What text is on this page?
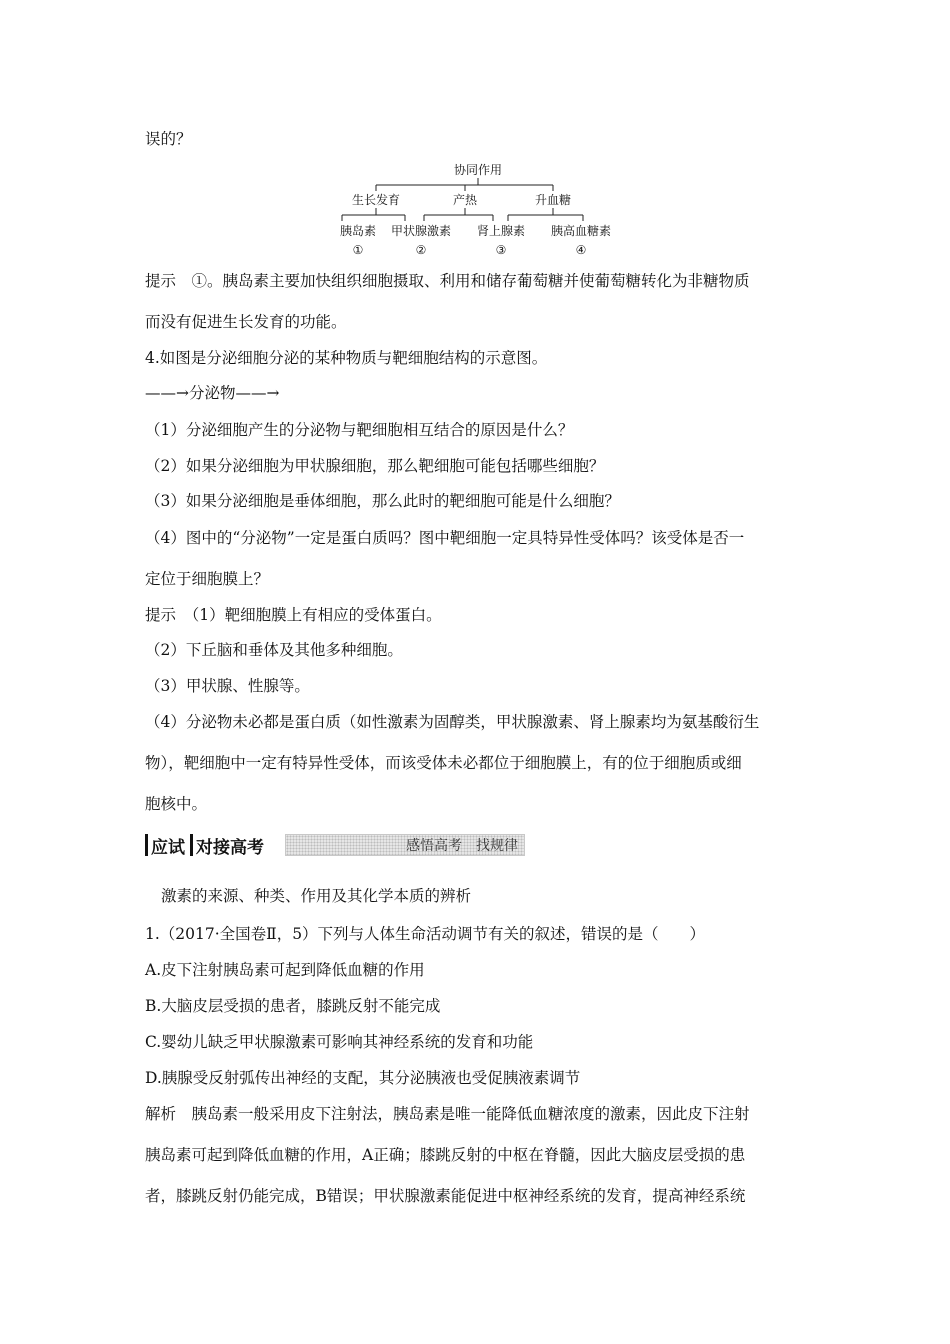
误的？
协同作用
生长发育	产热	升血糖
胰岛素 甲状腺激素 肾上腺素 胰高血糖素
①	②	③	④
提示　①。胰岛素主要加快组织细胞摄取、利用和储存葡萄糖并使葡萄糖转化为非糖物质
而没有促进生长发育的功能。
4.如图是分泌细胞分泌的某种物质与靶细胞结构的示意图。
——→分泌物——→
（1）分泌细胞产生的分泌物与靶细胞相互结合的原因是什么？
（2）如果分泌细胞为甲状腺细胞，那么靶细胞可能包括哪些细胞？
（3）如果分泌细胞是垂体细胞，那么此时的靶细胞可能是什么细胞？
（4）图中的“分泌物”一定是蛋白质吗？图中靶细胞一定具特异性受体吗？该受体是否一
定位于细胞膜上？
提示　（1）靶细胞膜上有相应的受体蛋白。
（2）下丘脑和垂体及其他多种细胞。
（3）甲状腺、性腺等。
（4）分泌物未必都是蛋白质（如性激素为固醇类，甲状腺激素、肾上腺素均为氨基酸衍生
物），靶细胞中一定有特异性受体，而该受体未必都位于细胞膜上，有的位于细胞质或细
胞核中。
应试 对接高考	感悟高考　找规律
激素的来源、种类、作用及其化学本质的辨析
1.（2017·全国卷Ⅱ，5）下列与人体生命活动调节有关的叙述，错误的是（　　）
A.皮下注射胰岛素可起到降低血糖的作用
B.大脑皮层受损的患者，膝跳反射不能完成
C.婴幼儿缺乏甲状腺激素可影响其神经系统的发育和功能
D.胰腺受反射弧传出神经的支配，其分泌胰液也受促胰液素调节
解析　胰岛素一般采用皮下注射法，胰岛素是唯一能降低血糖浓度的激素，因此皮下注射
胰岛素可起到降低血糖的作用，A正确；膝跳反射的中枢在脊髓，因此大脑皮层受损的患
者，膝跳反射仍能完成，B错误；甲状腺激素能促进中枢神经系统的发育，提高神经系统
